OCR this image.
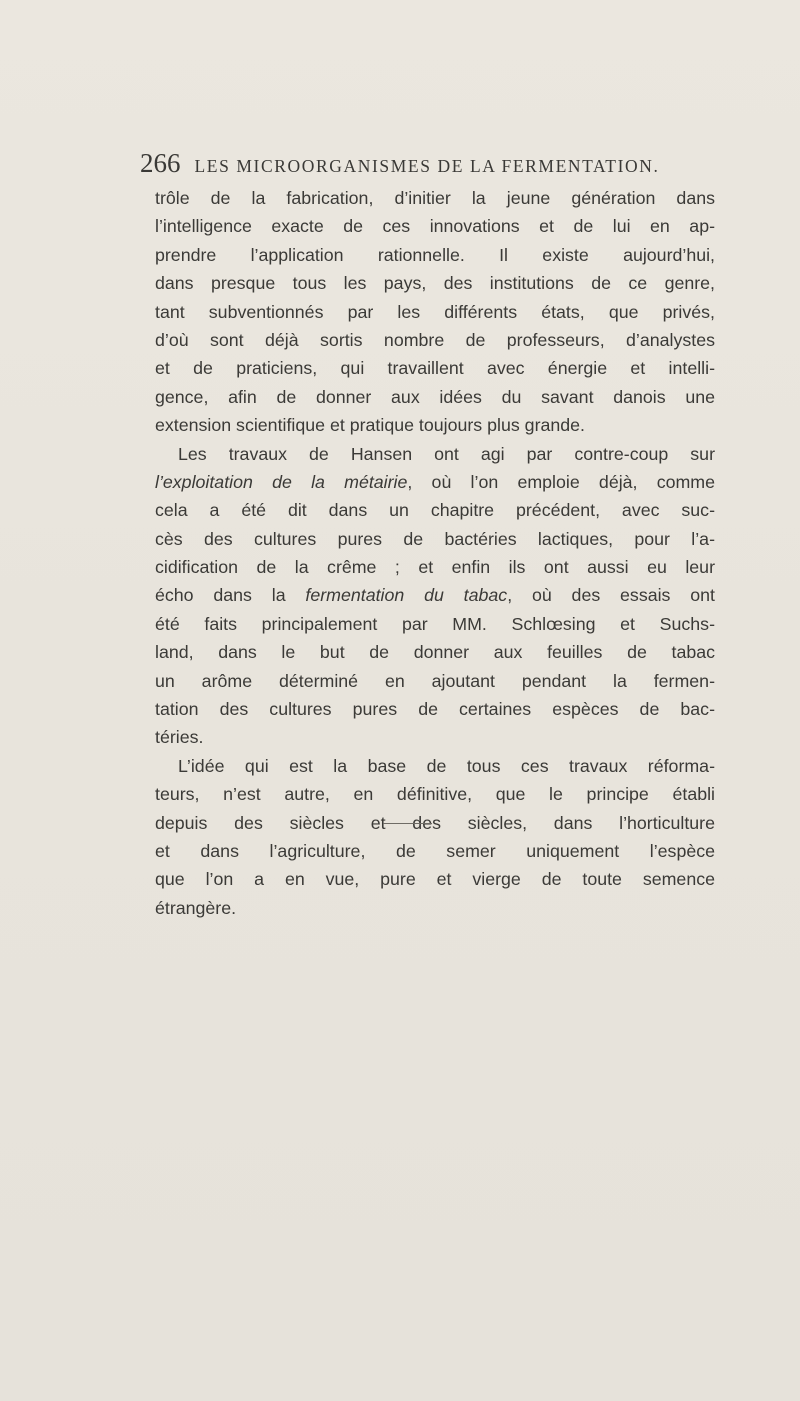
266 LES MICROORGANISMES DE LA FERMENTATION.
trôle de la fabrication, d’initier la jeune génération dans
l’intelligence exacte de ces innovations et de lui en ap-
prendre l’application rationnelle. Il existe aujourd’hui,
dans presque tous les pays, des institutions de ce genre,
tant subventionnés par les différents états, que privés,
d’où sont déjà sortis nombre de professeurs, d’analystes
et de praticiens, qui travaillent avec énergie et intelli-
gence, afin de donner aux idées du savant danois une
extension scientifique et pratique toujours plus grande.
Les travaux de Hansen ont agi par contre-coup sur
l’exploitation de la métairie, où l’on emploie déjà, comme
cela a été dit dans un chapitre précédent, avec suc-
cès des cultures pures de bactéries lactiques, pour l’a-
cidification de la crême ; et enfin ils ont aussi eu leur
écho dans la fermentation du tabac, où des essais ont
été faits principalement par MM. Schlœsing et Suchs-
land, dans le but de donner aux feuilles de tabac
un arôme déterminé en ajoutant pendant la fermen-
tation des cultures pures de certaines espèces de bac-
téries.
L’idée qui est la base de tous ces travaux réforma-
teurs, n’est autre, en définitive, que le principe établi
depuis des siècles et des siècles, dans l’horticulture
et dans l’agriculture, de semer uniquement l’espèce
que l’on a en vue, pure et vierge de toute semence
étrangère.
